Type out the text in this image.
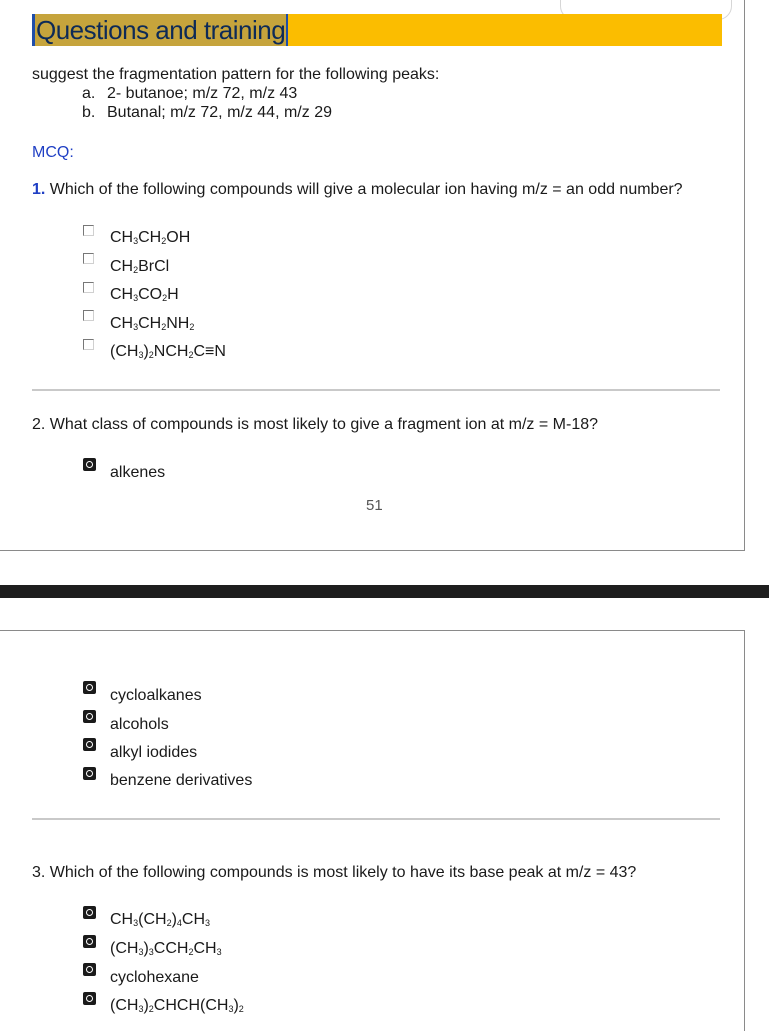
Questions and training
suggest the fragmentation pattern for the following peaks:
a. 2- butanoe; m/z 72, m/z 43
b. Butanal; m/z 72, m/z 44, m/z 29
MCQ:
1. Which of the following compounds will give a molecular ion having m/z = an odd number?
$CH_3CH_2OH$
$CH_2BrCl$
$CH_3CO_2H$
$CH_3CH_2NH_2$
$(CH_3)_2NCH_2C\equiv N$
2. What class of compounds is most likely to give a fragment ion at m/z = M-18?
alkenes
51
cycloalkanes
alcohols
alkyl iodides
benzene derivatives
3. Which of the following compounds is most likely to have its base peak at m/z = 43?
$CH_3(CH_2)_4CH_3$
$(CH_3)_3CCH_2CH_3$
cyclohexane
$(CH_3)_2CHCH(CH_3)_2$
